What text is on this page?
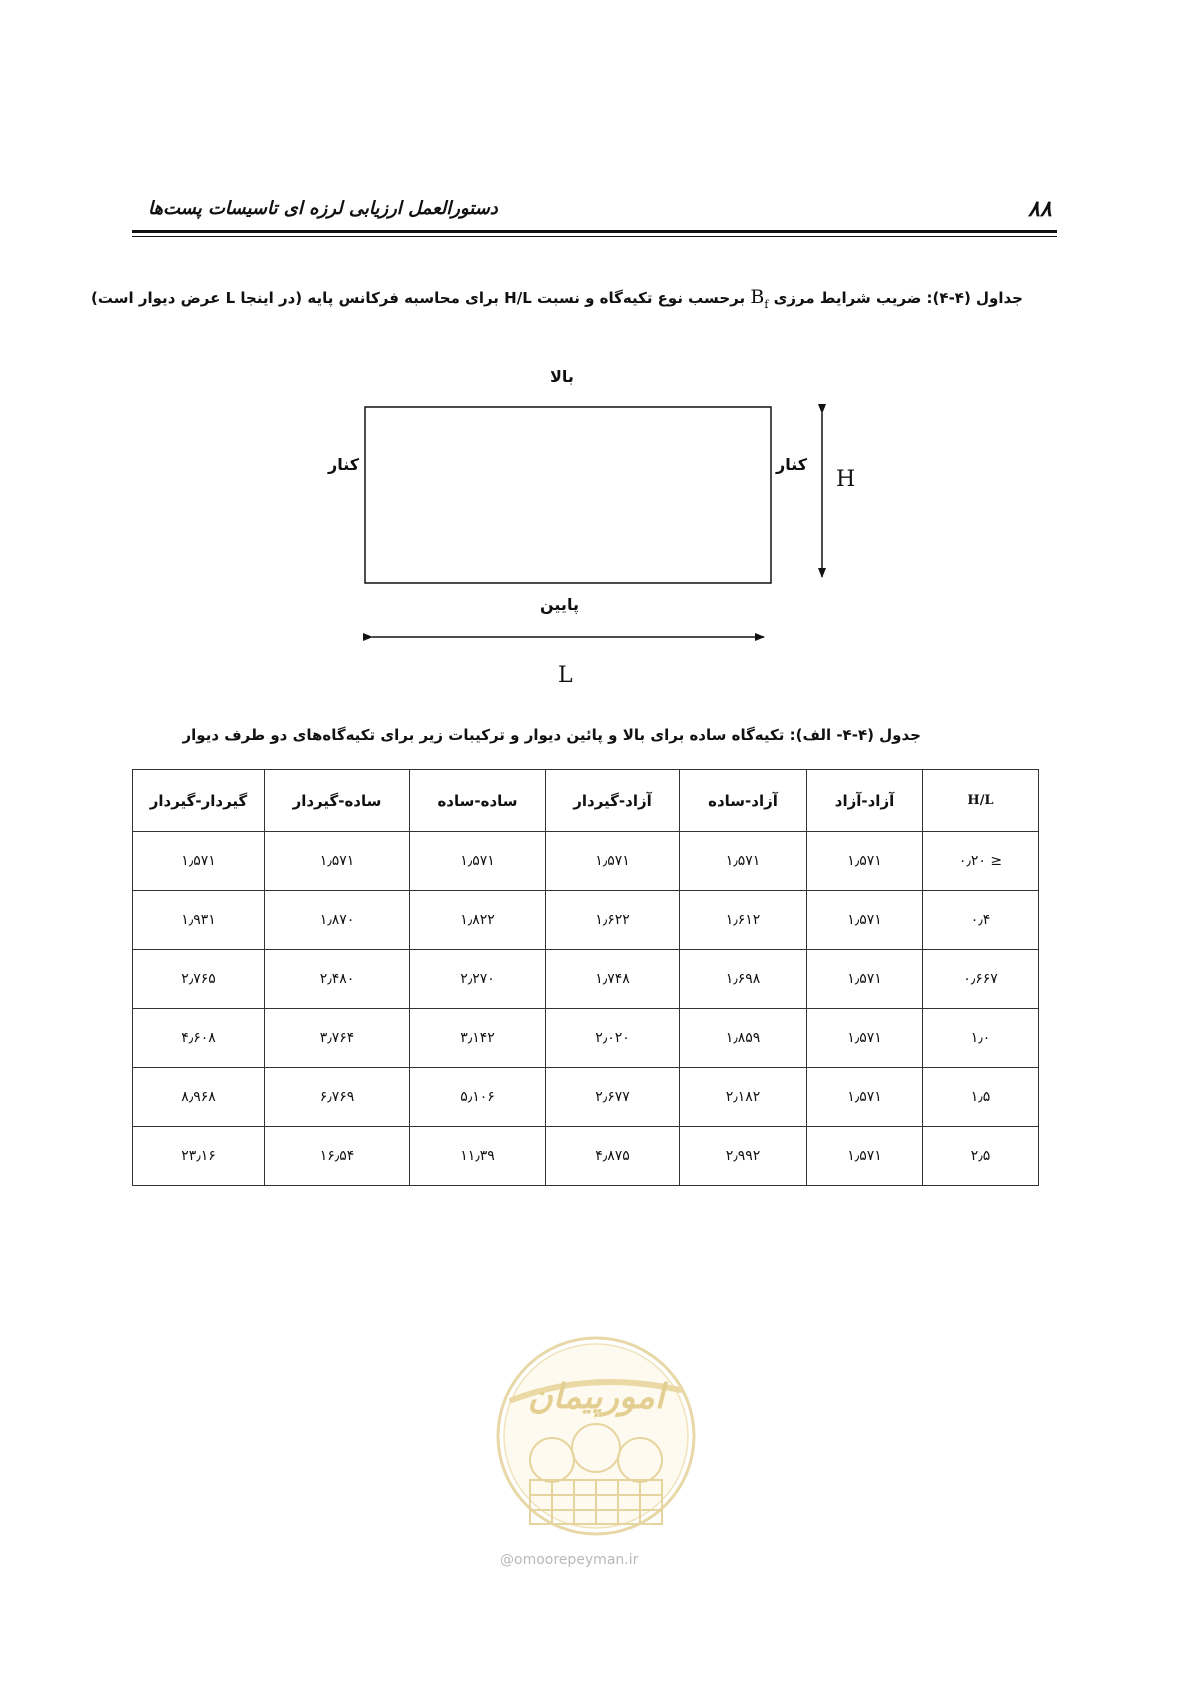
۸۸
دستورالعمل ارزیابی لرزه ای تاسیسات پست‌ها
جداول (۴-۴): ضریب شرایط مرزی $B_f$ برحسب نوع تکیه‌گاه و نسبت H/L برای محاسبه فرکانس پایه (در اینجا L عرض دیوار است)
بالا
پایین
کنار	کنار
H
L
جدول (۴-۴- الف): تکیه‌گاه ساده برای بالا و پائین دیوار و ترکیبات زیر برای تکیه‌گاه‌های دو طرف دیوار
H/L	آزاد-آزاد	آزاد-ساده	آزاد-گیردار	ساده-ساده	ساده-گیردار	گیردار-گیردار
≤ ۰٫۲۰	۱٫۵۷۱	۱٫۵۷۱	۱٫۵۷۱	۱٫۵۷۱	۱٫۵۷۱	۱٫۵۷۱
۰٫۴	۱٫۵۷۱	۱٫۶۱۲	۱٫۶۲۲	۱٫۸۲۲	۱٫۸۷۰	۱٫۹۳۱
۰٫۶۶۷	۱٫۵۷۱	۱٫۶۹۸	۱٫۷۴۸	۲٫۲۷۰	۲٫۴۸۰	۲٫۷۶۵
۱٫۰	۱٫۵۷۱	۱٫۸۵۹	۲٫۰۲۰	۳٫۱۴۲	۳٫۷۶۴	۴٫۶۰۸
۱٫۵	۱٫۵۷۱	۲٫۱۸۲	۲٫۶۷۷	۵٫۱۰۶	۶٫۷۶۹	۸٫۹۶۸
۲٫۵	۱٫۵۷۱	۲٫۹۹۲	۴٫۸۷۵	۱۱٫۳۹	۱۶٫۵۴	۲۳٫۱۶
امورپیمان
@omoorepeyman.ir
